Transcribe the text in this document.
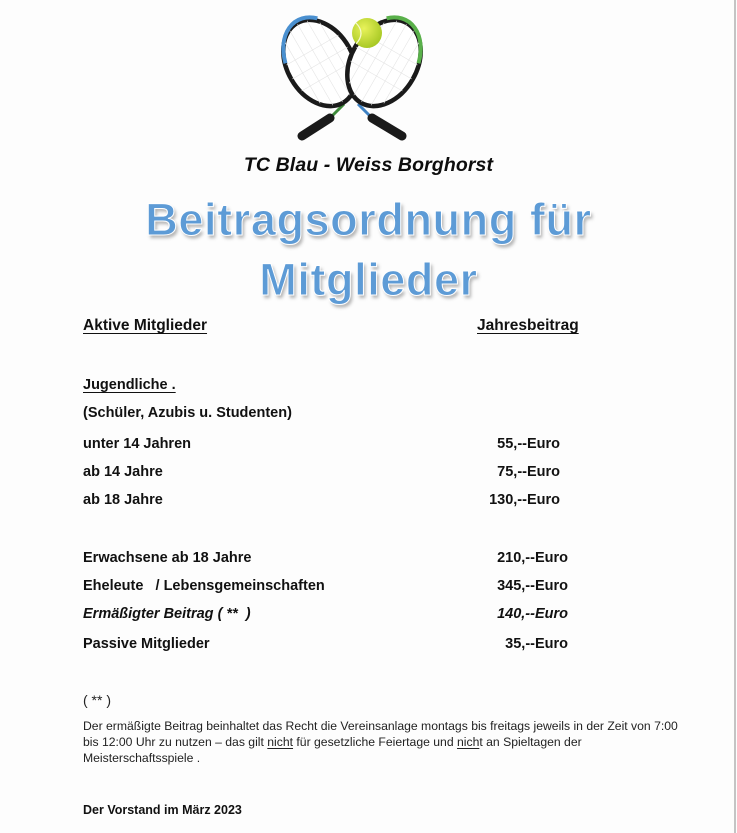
TC Blau - Weiss Borghorst
Beitragsordnung für
Mitglieder
Aktive Mitglieder	Jahresbeitrag
Jugendliche .
(Schüler, Azubis u. Studenten)
unter 14 Jahren	55,--Euro
ab 14 Jahre	75,--Euro
ab 18 Jahre	130,--Euro
Erwachsene ab 18 Jahre	210,--Euro
Eheleute   / Lebensgemeinschaften	345,--Euro
Ermäßigter Beitrag ( **  )	140,--Euro
Passive Mitglieder	35,--Euro
( ** )
Der ermäßigte Beitrag beinhaltet das Recht die Vereinsanlage montags bis freitags jeweils in der Zeit von 7:00 bis 12:00 Uhr zu nutzen – das gilt nicht für gesetzliche Feiertage und nicht an Spieltagen der Meisterschaftsspiele .
Der Vorstand im März 2023
